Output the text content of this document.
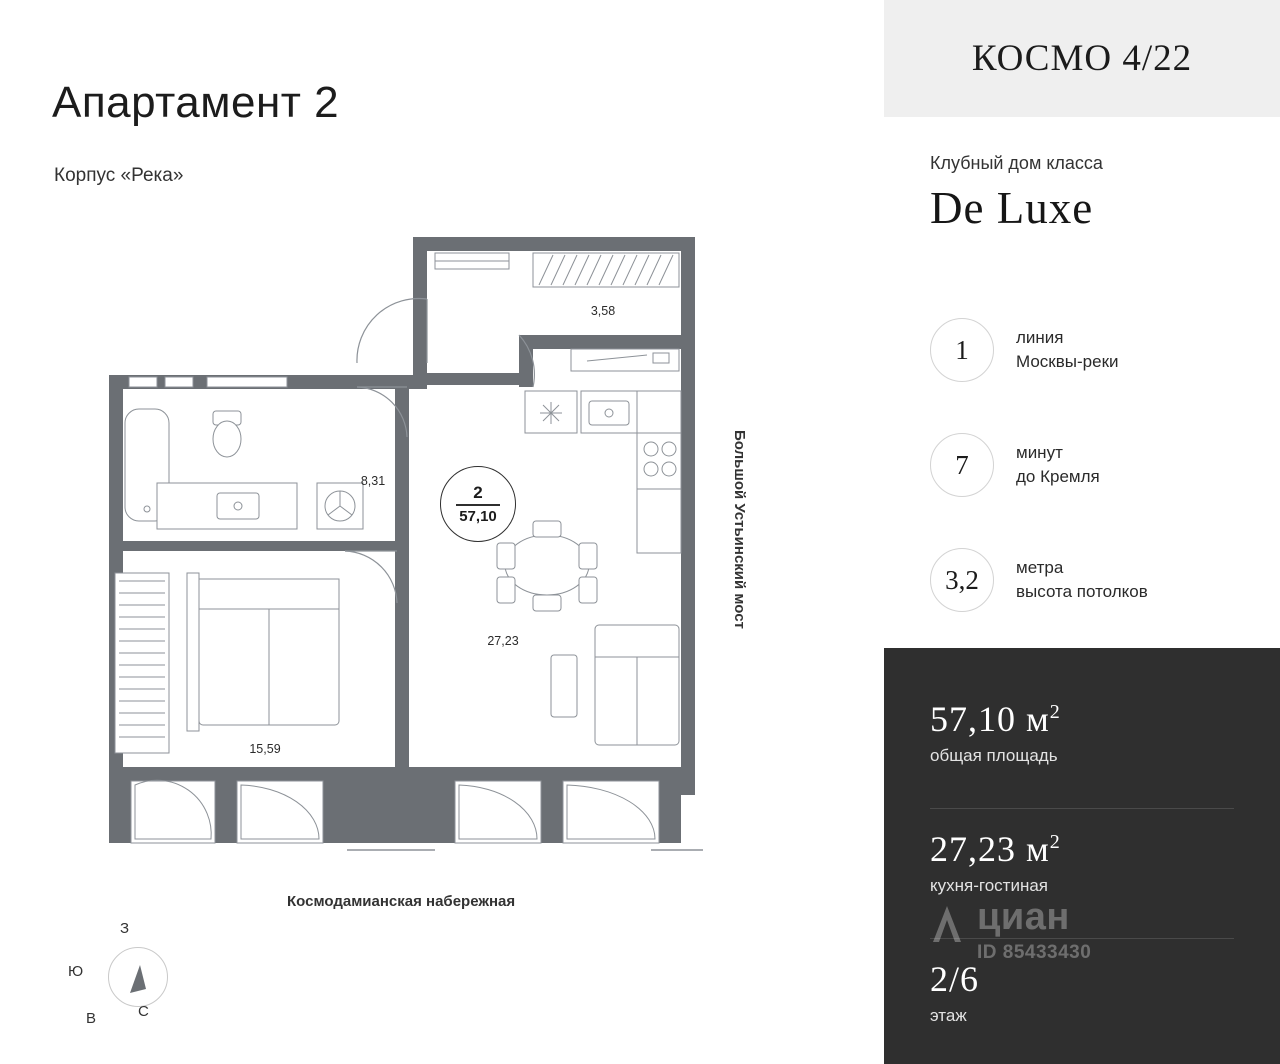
Апартамент 2
Корпус «Река»
Космодамианская набережная
Большой Устьинский мост
8,31
3,58
27,23
15,59
2
57,10
З
Ю
С
В
КОСМО 4/22
Клубный дом класса
De Luxe
1	линия
Москвы-реки
7	минут
до Кремля
3,2	метра
высота потолков
57,10 $м^2$
общая площадь
27,23 $м^2$
кухня-гостиная
2/6
этаж
циан
ID 85433430
